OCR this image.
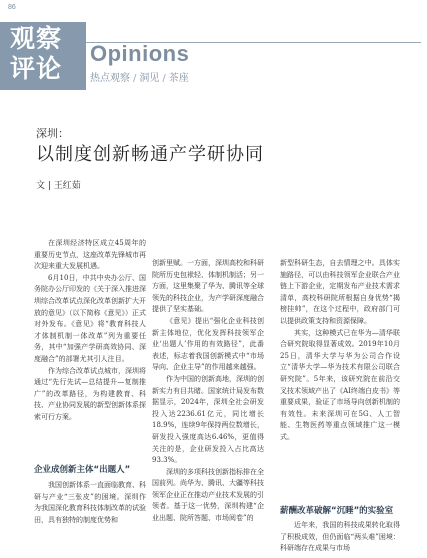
86
观察
评论
Opinions
热点观察 / 洞见 / 茶座
深圳：
以制度创新畅通产学研协同
文 | 王红茹

在深圳经济特区成立45周年的重要历史节点，这座改革先锋城市再次迎来重大发展机遇。

6月10日，中共中央办公厅、国务院办公厅印发的《关于深入推进深圳综合改革试点深化改革创新扩大开放的意见》（以下简称《意见》）正式对外发布。《意见》将“教育科技人才体制机制一体改革”列为重要任务，其中“加强产学研高效协同、深度融合”的部署尤其引人注目。

作为综合改革试点城市，深圳将通过“先行先试—总结提升—复制推广”的改革路径，为构建教育、科技、产业协同发展的新型创新体系探索可行方案。

企业成创新主体“出题人”

我国创新体系一直面临教育、科研与产业“三张皮”的困境。深圳作为我国深化教育科技体制改革的试验田，具有独特的制度优势和

创新里赋。一方面，深圳高校和科研院所历史包袱轻、体制机制活；另一方面，这里集聚了华为、腾讯等全球领先的科技企业，为产学研深度融合提供了坚实基础。

《意见》提出“强化企业科技创新主体地位，优化发挥科技领军企业‘出题人’作用的有效路径”，此番表述，标志着我国创新模式中“市场导向、企业主导”的作用越来越强。

作为中国的创新高地，深圳的创新实力有目共睹。国家统计局发布数据显示，2024年，深圳全社会研发投入达2236.61亿元，同比增长18.9%，连续9年保持两位数增长，研发投入强度高达6.46%，更值得关注的是，企业研发投入占比高达93.3%。

深圳的多项科技创新指标排在全国前列。尚华为、腾讯、大疆等科技领军企业正在推动产业技术发展的引领者。基于这一优势，深圳构建“企业出题、院所答题、市场阅卷”的

新型科研生态，自去情理之中。具体实施路径，可以由科技领军企业联合产业链上下游企业，定期发布产业技术需求清单，高校科研院所根据自身优势“揭榜挂帅”，在这个过程中，政府部门可以提供政策支持和资源保障。

其实，这种模式已在华为—清华联合研究院取得显著成效。2019年10月25日，清华大学与华为公司合作设立“清华大学—华为技术有限公司联合研究院”。5年来，该研究院在前沿交叉技术领域产出了《AI终端白皮书》等重要成果，验证了市场导向创新机制的有效性。未来深圳可在5G、人工智能、生物医药等重点领域推广这一模式。

薪酬改革破解“沉睡”的实验室

近年来，我国的科技成果转化取得了积极成效，但仍面临“两头难”困境：科研端存在成果与市场
